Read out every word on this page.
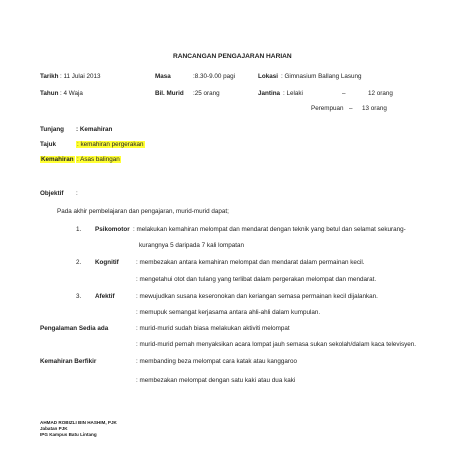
RANCANGAN PENGAJARAN HARIAN
Tarikh : 11 Julai 2013	Masa	:8.30-9.00 pagi	Lokasi : Gimnasium Ballang Lasung
Tahun : 4 Waja	Bil. Murid :25 orang	Jantina : Lelaki	–	12 orang
Perempuan – 13 orang
Tunjang : Kemahiran
Tajuk	: kemahiran pergerakan
Kemahiran : Asas balingan
Objektif :
Pada akhir pembelajaran dan pengajaran, murid-murid dapat;
1. Psikomotor : melakukan kemahiran melompat dan mendarat dengan teknik yang betul dan selamat sekurang-
kurangnya 5 daripada 7 kali lompatan
2. Kognitif	: membezakan antara kemahiran melompat dan mendarat dalam permainan kecil.
: mengetahui otot dan tulang yang terlibat dalam pergerakan melompat dan mendarat.
3. Afektif	: mewujudkan susana keseronokan dan keriangan semasa permainan kecil dijalankan.
: memupuk semangat kerjasama antara ahli-ahli dalam kumpulan.
Pengalaman Sedia ada	: murid-murid sudah biasa melakukan aktiviti melompat
: murid-murid pernah menyaksikan acara lompat jauh semasa sukan sekolah/dalam kaca televisyen.
Kemahiran Berfikir	: membanding beza melompat cara katak atau kanggaroo
: membezakan melompat dengan satu kaki atau dua kaki
AHMAD ROBIZLI BIN HASHIM, PJK
Jabatan PJK
IPG Kampus Batu Lintang
